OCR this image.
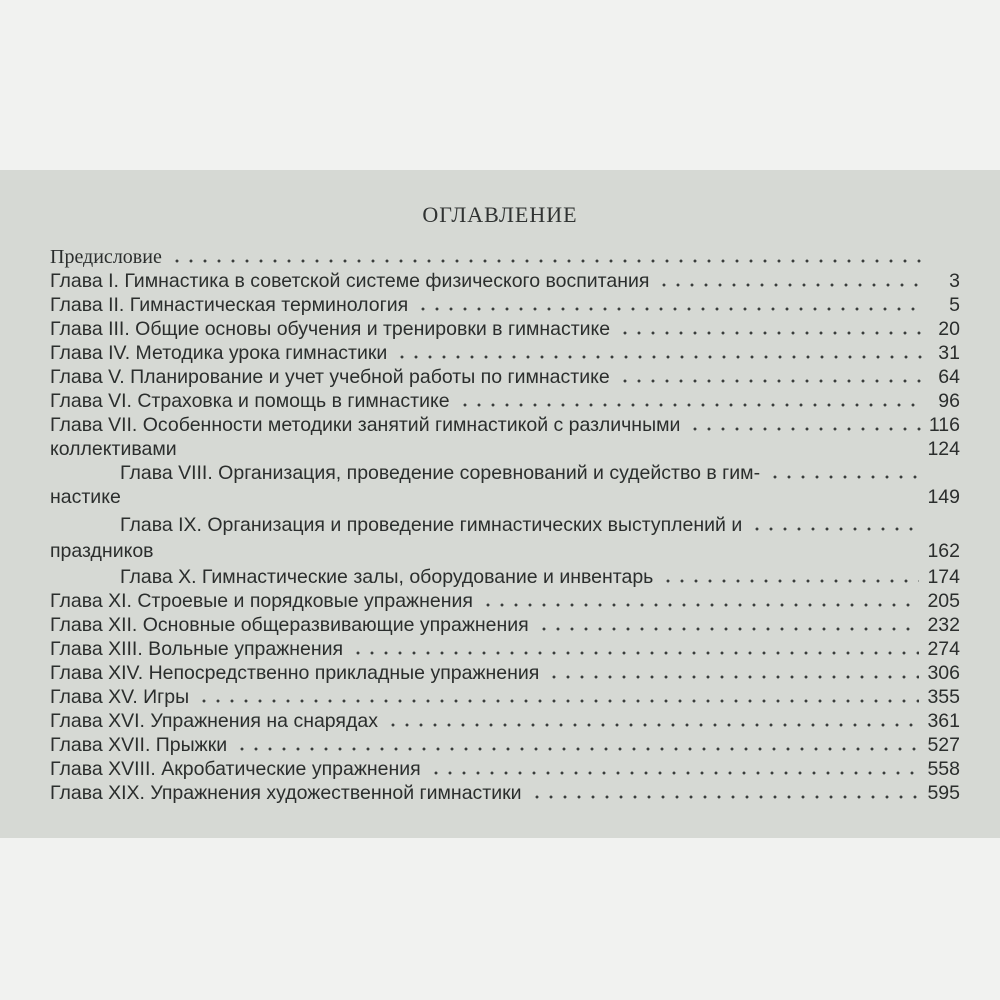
ОГЛАВЛЕНИЕ
Предисловие
Глава I. Гимнастика в советской системе физического воспитания	3
Глава II. Гимнастическая терминология	5
Глава III. Общие основы обучения и тренировки в гимнастике	20
Глава IV. Методика урока гимнастики	31
Глава V. Планирование и учет учебной работы по гимнастике	64
Глава VI. Страховка и помощь в гимнастике	96
Глава VII. Особенности методики занятий гимнастикой с различными	116
коллективами	124
Глава VIII. Организация, проведение соревнований и судейство в гим-
настике	149
Глава IX. Организация и проведение гимнастических выступлений и
праздников	162
Глава X. Гимнастические залы, оборудование и инвентарь	174
Глава XI. Строевые и порядковые упражнения	205
Глава XII. Основные общеразвивающие упражнения	232
Глава XIII. Вольные упражнения	274
Глава XIV. Непосредственно прикладные упражнения	306
Глава XV. Игры	355
Глава XVI. Упражнения на снарядах	361
Глава XVII. Прыжки	527
Глава XVIII. Акробатические упражнения	558
Глава XIX. Упражнения художественной гимнастики	595
